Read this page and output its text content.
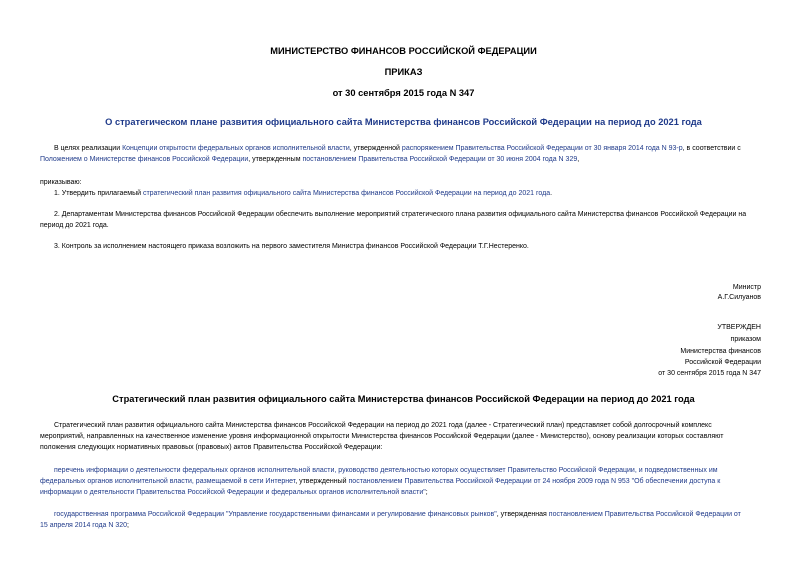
МИНИСТЕРСТВО ФИНАНСОВ РОССИЙСКОЙ ФЕДЕРАЦИИ
ПРИКАЗ
от 30 сентября 2015 года N 347
О стратегическом плане развития официального сайта Министерства финансов Российской Федерации на период до 2021 года
В целях реализации Концепции открытости федеральных органов исполнительной власти, утвержденной распоряжением Правительства Российской Федерации от 30 января 2014 года N 93-р, в соответствии с
Положением о Министерстве финансов Российской Федерации, утвержденным постановлением Правительства Российской Федерации от 30 июня 2004 года N 329,
приказываю:
1. Утвердить прилагаемый стратегический план развития официального сайта Министерства финансов Российской Федерации на период до 2021 года.
2. Департаментам Министерства финансов Российской Федерации обеспечить выполнение мероприятий стратегического плана развития официального сайта Министерства финансов Российской Федерации на
период до 2021 года.
3. Контроль за исполнением настоящего приказа возложить на первого заместителя Министра финансов Российской Федерации Т.Г.Нестеренко.
Министр
А.Г.Силуанов
УТВЕРЖДЕН
приказом
Министерства финансов
Российской Федерации
от 30 сентября 2015 года N 347
Стратегический план развития официального сайта Министерства финансов Российской Федерации на период до 2021 года
Стратегический план развития официального сайта Министерства финансов Российской Федерации на период до 2021 года (далее - Стратегический план) представляет собой долгосрочный комплекс
мероприятий, направленных на качественное изменение уровня информационной открытости Министерства финансов Российской Федерации (далее - Министерство), основу реализации которых составляют
положения следующих нормативных правовых (правовых) актов Правительства Российской Федерации:
перечень информации о деятельности федеральных органов исполнительной власти, руководство деятельностью которых осуществляет Правительство Российской Федерации, и подведомственных им
федеральных органов исполнительной власти, размещаемой в сети Интернет, утвержденный постановлением Правительства Российской Федерации от 24 ноября 2009 года N 953 "Об обеспечении доступа к
информации о деятельности Правительства Российской Федерации и федеральных органов исполнительной власти";
государственная программа Российской Федерации "Управление государственными финансами и регулирование финансовых рынков", утвержденная постановлением Правительства Российской Федерации от
15 апреля 2014 года N 320;
